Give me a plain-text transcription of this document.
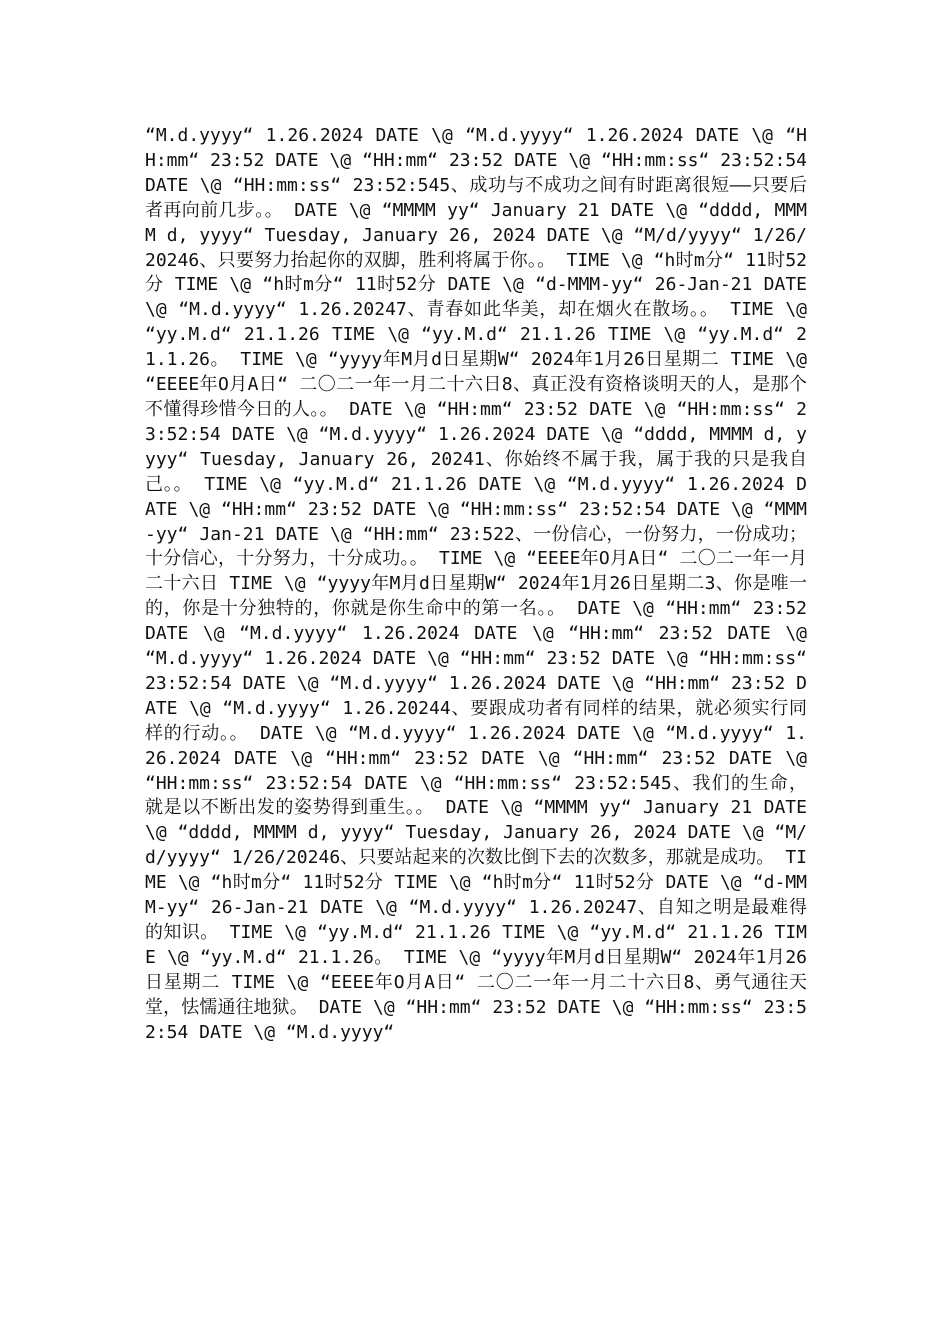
“M.d.yyyy“ 1.26.2024 DATE \@ “M.d.yyyy“ 1.26.2024 DATE \@ “HH:mm“ 23:52 DATE \@ “HH:mm“ 23:52 DATE \@ “HH:mm:ss“ 23:52:54 DATE \@ “HH:mm:ss“ 23:52:545、成功与不成功之间有时距离很短——只要后者再向前几步。。 DATE \@ “MMMM yy“ January 21 DATE \@ “dddd, MMMM d, yyyy“ Tuesday, January 26, 2024 DATE \@ “M/d/yyyy“ 1/26/20246、只要努力抬起你的双脚，胜利将属于你。。 TIME \@ “h时m分“ 11时52分 TIME \@ “h时m分“ 11时52分 DATE \@ “d-MMM-yy“ 26-Jan-21 DATE \@ “M.d.yyyy“ 1.26.20247、青春如此华美，却在烟火在散场。。 TIME \@ “yy.M.d“ 21.1.26 TIME \@ “yy.M.d“ 21.1.26 TIME \@ “yy.M.d“ 21.1.26。 TIME \@ “yyyy年M月d日星期W“ 2024年1月26日星期二 TIME \@ “EEEE年O月A日“ 二〇二一年一月二十六日8、真正没有资格谈明天的人，是那个不懂得珍惜今日的人。。 DATE \@ “HH:mm“ 23:52 DATE \@ “HH:mm:ss“ 23:52:54 DATE \@ “M.d.yyyy“ 1.26.2024 DATE \@ “dddd, MMMM d, yyyy“ Tuesday, January 26, 20241、你始终不属于我，属于我的只是我自己。。 TIME \@ “yy.M.d“ 21.1.26 DATE \@ “M.d.yyyy“ 1.26.2024 DATE \@ “HH:mm“ 23:52 DATE \@ “HH:mm:ss“ 23:52:54 DATE \@ “MMM-yy“ Jan-21 DATE \@ “HH:mm“ 23:522、一份信心，一份努力，一份成功；十分信心，十分努力，十分成功。。 TIME \@ “EEEE年O月A日“ 二〇二一年一月二十六日 TIME \@ “yyyy年M月d日星期W“ 2024年1月26日星期二3、你是唯一的，你是十分独特的，你就是你生命中的第一名。。 DATE \@ “HH:mm“ 23:52 DATE \@ “M.d.yyyy“ 1.26.2024 DATE \@ “HH:mm“ 23:52 DATE \@ “M.d.yyyy“ 1.26.2024 DATE \@ “HH:mm“ 23:52 DATE \@ “HH:mm:ss“ 23:52:54 DATE \@ “M.d.yyyy“ 1.26.2024 DATE \@ “HH:mm“ 23:52 DATE \@ “M.d.yyyy“ 1.26.20244、要跟成功者有同样的结果，就必须实行同样的行动。。 DATE \@ “M.d.yyyy“ 1.26.2024 DATE \@ “M.d.yyyy“ 1.26.2024 DATE \@ “HH:mm“ 23:52 DATE \@ “HH:mm“ 23:52 DATE \@ “HH:mm:ss“ 23:52:54 DATE \@ “HH:mm:ss“ 23:52:545、我们的生命，就是以不断出发的姿势得到重生。。 DATE \@ “MMMM yy“ January 21 DATE \@ “dddd, MMMM d, yyyy“ Tuesday, January 26, 2024 DATE \@ “M/d/yyyy“ 1/26/20246、只要站起来的次数比倒下去的次数多，那就是成功。 TIME \@ “h时m分“ 11时52分 TIME \@ “h时m分“ 11时52分 DATE \@ “d-MMM-yy“ 26-Jan-21 DATE \@ “M.d.yyyy“ 1.26.20247、自知之明是最难得的知识。 TIME \@ “yy.M.d“ 21.1.26 TIME \@ “yy.M.d“ 21.1.26 TIME \@ “yy.M.d“ 21.1.26。 TIME \@ “yyyy年M月d日星期W“ 2024年1月26日星期二 TIME \@ “EEEE年O月A日“ 二〇二一年一月二十六日8、勇气通往天堂，怯懦通往地狱。 DATE \@ “HH:mm“ 23:52 DATE \@ “HH:mm:ss“ 23:52:54 DATE \@ “M.d.yyyy“
